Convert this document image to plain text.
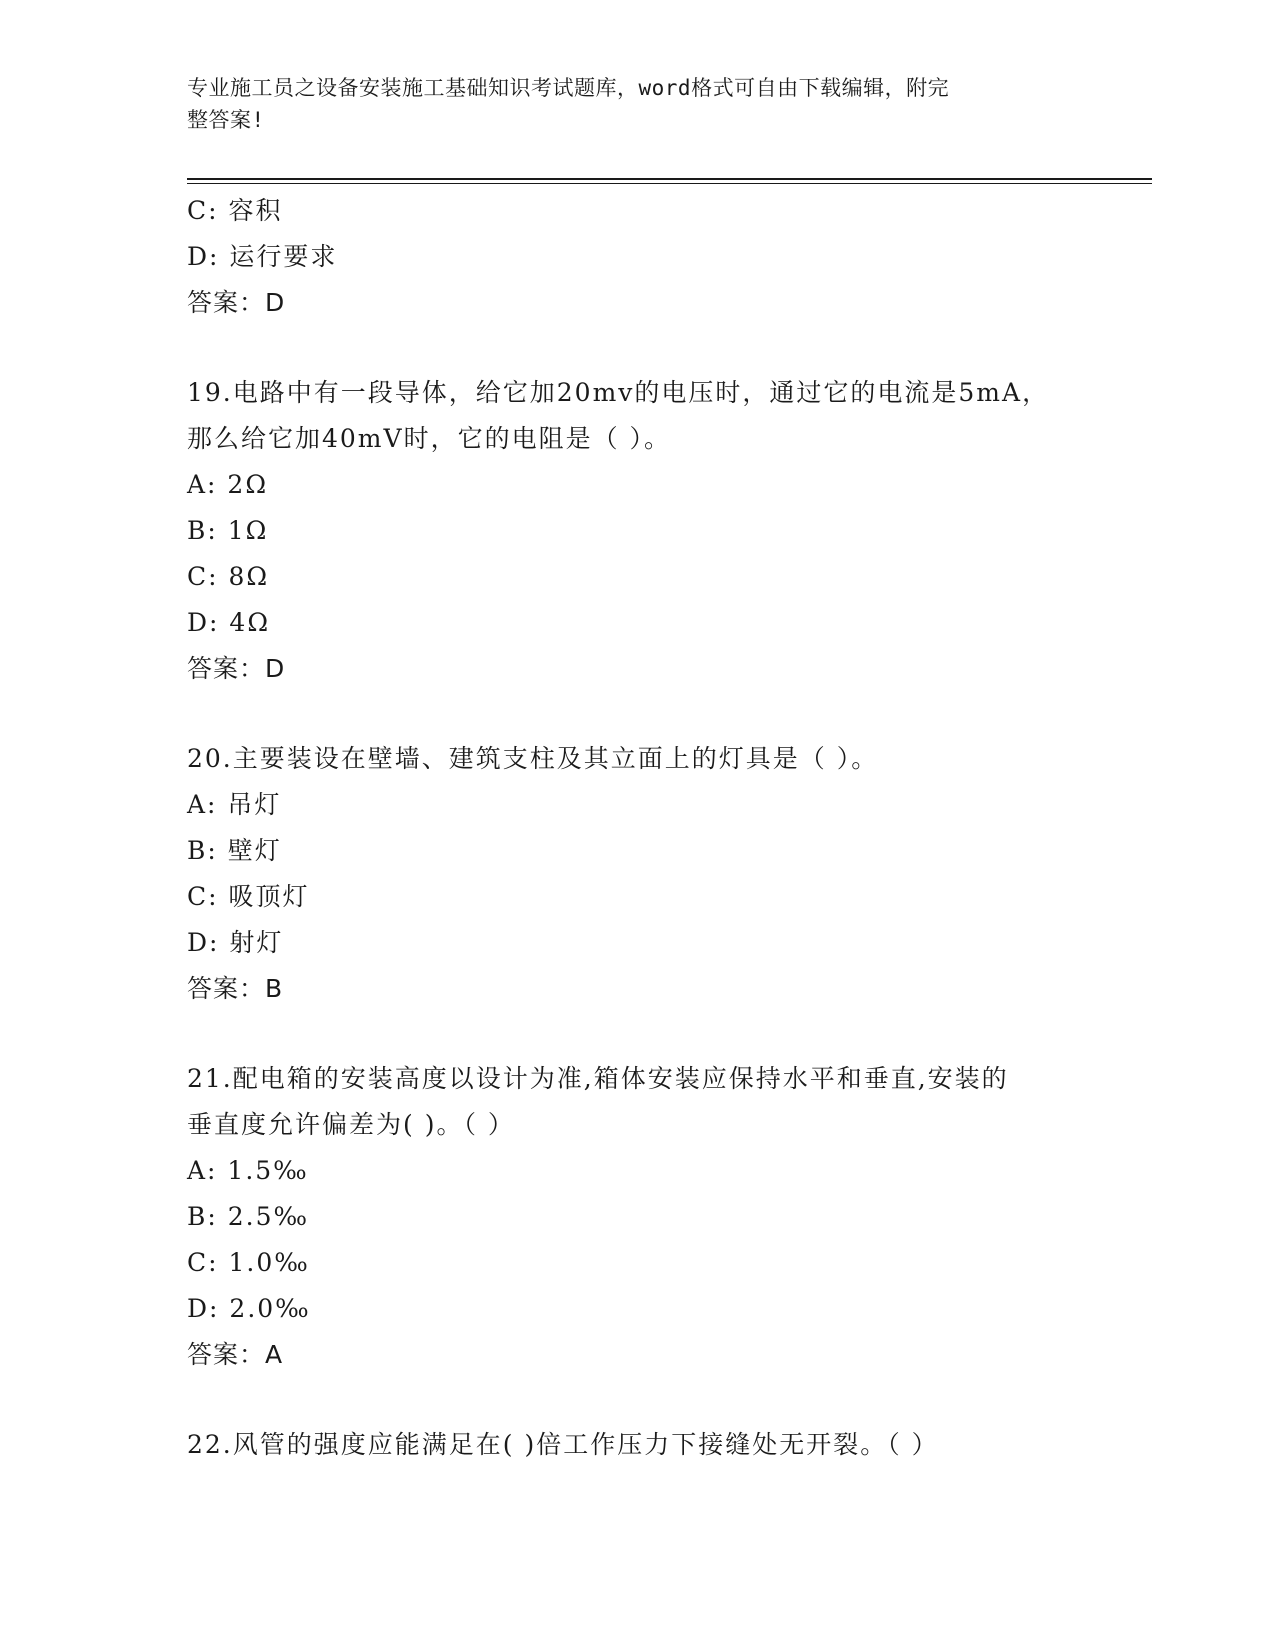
专业施工员之设备安装施工基础知识考试题库，word格式可自由下载编辑，附完
整答案!
C: 容积
D: 运行要求
答案：D
19.电路中有一段导体，给它加20mv的电压时，通过它的电流是5mA，
那么给它加40mV时，它的电阻是（ ）。
A: 2Ω
B: 1Ω
C: 8Ω
D: 4Ω
答案：D
20.主要装设在壁墙、建筑支柱及其立面上的灯具是（ ）。
A: 吊灯
B: 壁灯
C: 吸顶灯
D: 射灯
答案：B
21.配电箱的安装高度以设计为准,箱体安装应保持水平和垂直,安装的
垂直度允许偏差为( )。（ ）
A: 1.5‰
B: 2.5‰
C: 1.0‰
D: 2.0‰
答案：A
22.风管的强度应能满足在( )倍工作压力下接缝处无开裂。（ ）
